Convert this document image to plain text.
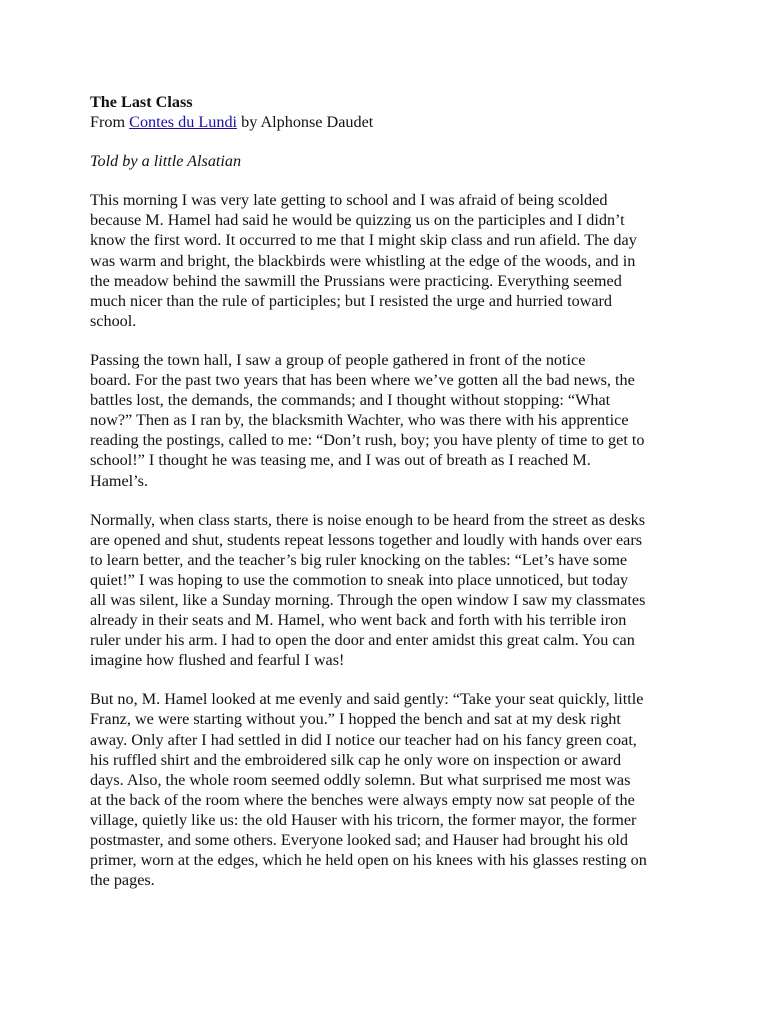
The Last Class

From Contes du Lundi by Alphonse Daudet

Told by a little Alsatian

This morning I was very late getting to school and I was afraid of being scolded
because M. Hamel had said he would be quizzing us on the participles and I didn’t
know the first word. It occurred to me that I might skip class and run afield. The day
was warm and bright, the blackbirds were whistling at the edge of the woods, and in
the meadow behind the sawmill the Prussians were practicing. Everything seemed
much nicer than the rule of participles; but I resisted the urge and hurried toward
school.

Passing the town hall, I saw a group of people gathered in front of the notice
board. For the past two years that has been where we’ve gotten all the bad news, the
battles lost, the demands, the commands; and I thought without stopping: “What
now?” Then as I ran by, the blacksmith Wachter, who was there with his apprentice
reading the postings, called to me: “Don’t rush, boy; you have plenty of time to get to
school!” I thought he was teasing me, and I was out of breath as I reached M.
Hamel’s.

Normally, when class starts, there is noise enough to be heard from the street as desks
are opened and shut, students repeat lessons together and loudly with hands over ears
to learn better, and the teacher’s big ruler knocking on the tables: “Let’s have some
quiet!” I was hoping to use the commotion to sneak into place unnoticed, but today
all was silent, like a Sunday morning. Through the open window I saw my classmates
already in their seats and M. Hamel, who went back and forth with his terrible iron
ruler under his arm. I had to open the door and enter amidst this great calm. You can
imagine how flushed and fearful I was!

But no, M. Hamel looked at me evenly and said gently: “Take your seat quickly, little
Franz, we were starting without you.” I hopped the bench and sat at my desk right
away. Only after I had settled in did I notice our teacher had on his fancy green coat,
his ruffled shirt and the embroidered silk cap he only wore on inspection or award
days. Also, the whole room seemed oddly solemn. But what surprised me most was
at the back of the room where the benches were always empty now sat people of the
village, quietly like us: the old Hauser with his tricorn, the former mayor, the former
postmaster, and some others. Everyone looked sad; and Hauser had brought his old
primer, worn at the edges, which he held open on his knees with his glasses resting on
the pages.
